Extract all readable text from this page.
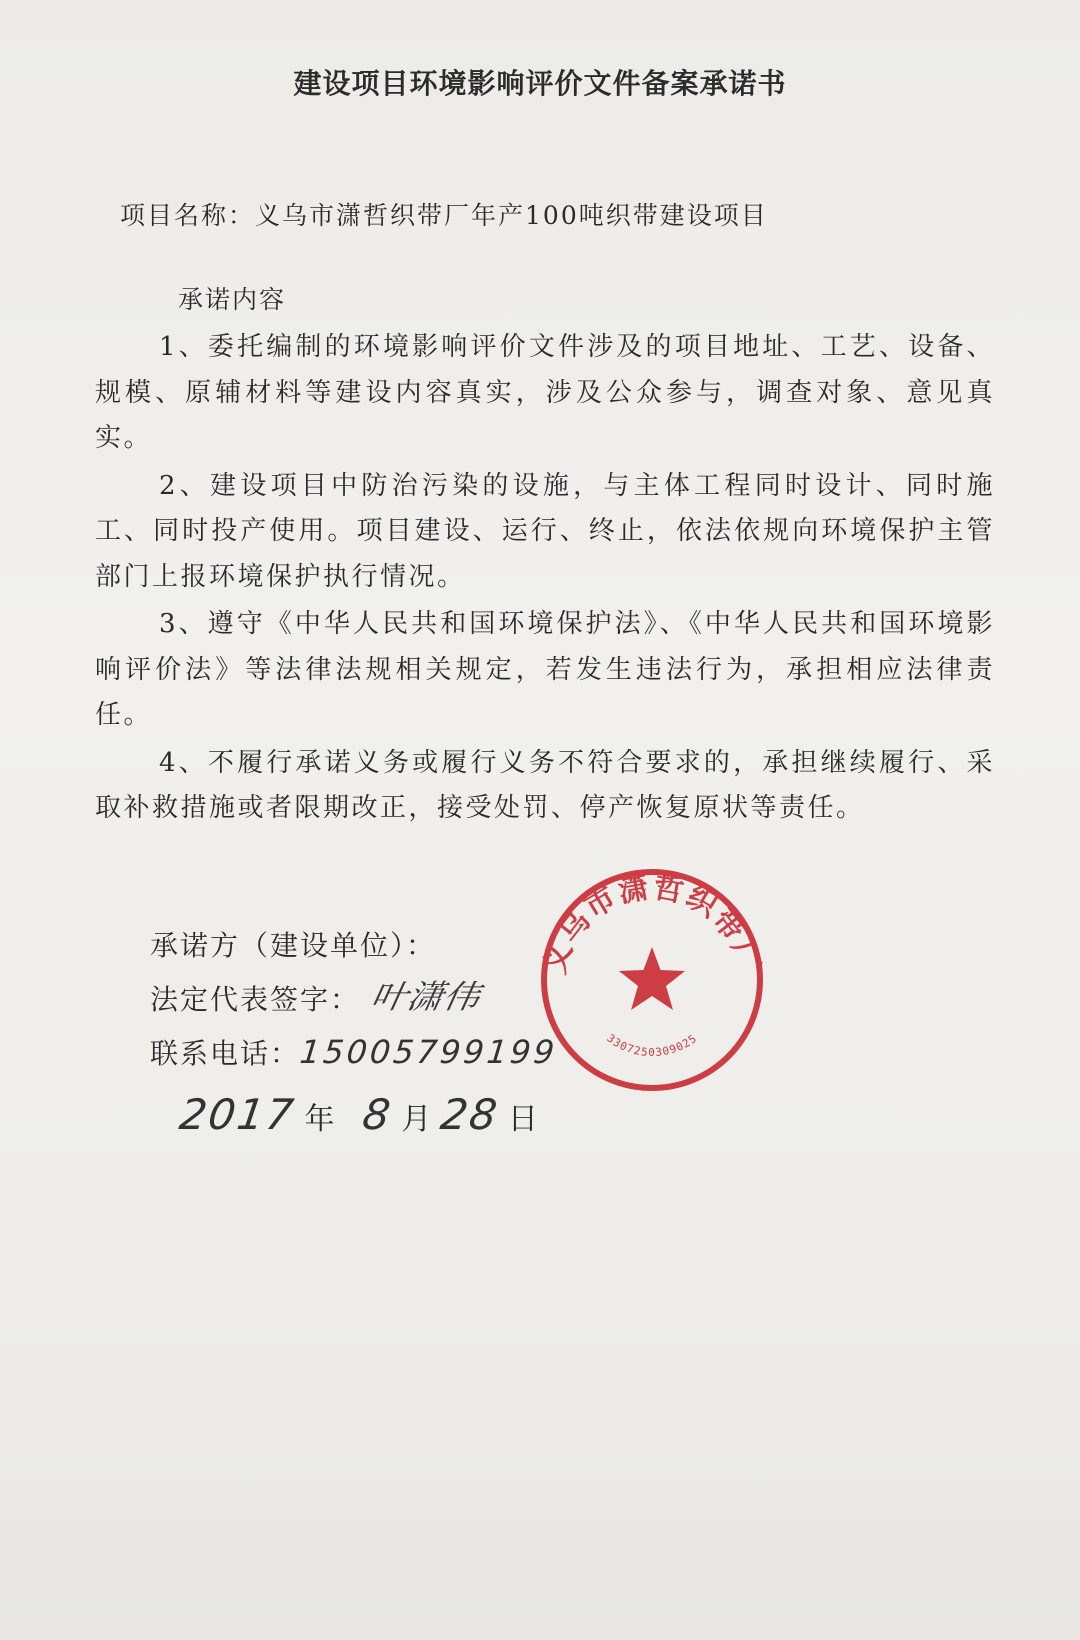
建设项目环境影响评价文件备案承诺书
项目名称：义乌市潇哲织带厂年产100吨织带建设项目
承诺内容

1、委托编制的环境影响评价文件涉及的项目地址、工艺、设备、规模、原辅材料等建设内容真实，涉及公众参与，调查对象、意见真实。

2、建设项目中防治污染的设施，与主体工程同时设计、同时施工、同时投产使用。项目建设、运行、终止，依法依规向环境保护主管部门上报环境保护执行情况。

3、遵守《中华人民共和国环境保护法》、《中华人民共和国环境影响评价法》等法律法规相关规定，若发生违法行为，承担相应法律责任。

4、不履行承诺义务或履行义务不符合要求的，承担继续履行、采取补救措施或者限期改正，接受处罚、停产恢复原状等责任。

承诺方（建设单位）：
法定代表签字： 叶潇伟
联系电话：15005799199
2017 年 8 月 28 日
义乌市潇哲织带厂
3307250309025
